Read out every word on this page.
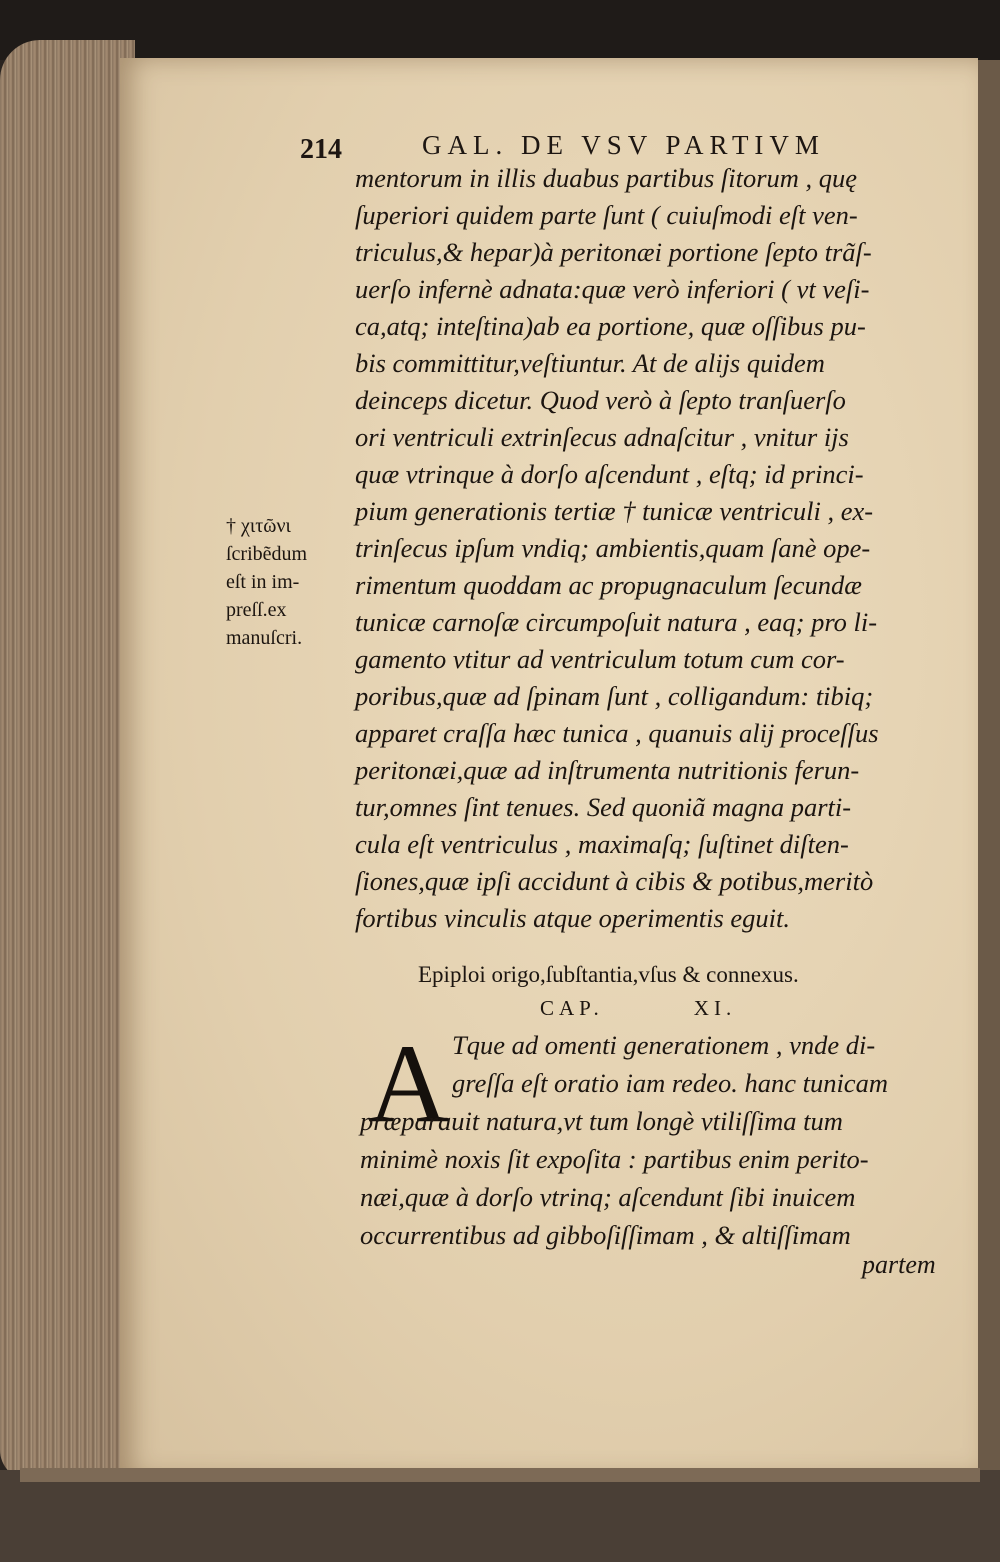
214	GAL. DE VSV PARTIVM
mentorum in illis duabus partibus ſitorum , quę
ſuperiori quidem parte ſunt ( cuiuſmodi eſt ven-
triculus,& hepar)à peritonæi portione ſepto trãſ-
uerſo infernè adnata:quæ verò inferiori ( vt veſi-
ca,atq; inteſtina)ab ea portione, quæ oſſibus pu-
bis committitur,veſtiuntur. At de alijs quidem
deinceps dicetur. Quod verò à ſepto tranſuerſo
ori ventriculi extrinſecus adnaſcitur , vnitur ijs
quæ vtrinque à dorſo aſcendunt , eſtq; id princi-
pium generationis tertiæ † tunicæ ventriculi , ex-
trinſecus ipſum vndiq; ambientis,quam ſanè ope-
rimentum quoddam ac propugnaculum ſecundæ
tunicæ carnoſæ circumpoſuit natura , eaq; pro li-
gamento vtitur ad ventriculum totum cum cor-
poribus,quæ ad ſpinam ſunt , colligandum: tibiq;
apparet craſſa hæc tunica , quanuis alij proceſſus
peritonæi,quæ ad inſtrumenta nutritionis ferun-
tur,omnes ſint tenues. Sed quoniã magna parti-
cula eſt ventriculus , maximaſq; ſuſtinet diſten-
ſiones,quæ ipſi accidunt à cibis & potibus,meritò
fortibus vinculis atque operimentis eguit.
† χιτῶνι
ſcribẽdum
eſt in im-
preſſ.ex
manuſcri.
Epiploi origo,ſubſtantia,vſus & connexus.
CAP.	XI.
A Tque ad omenti generationem , vnde di-
greſſa eſt oratio iam redeo. hanc tunicam
præparauit natura,vt tum longè vtiliſſima tum
minimè noxis ſit expoſita : partibus enim perito-
næi,quæ à dorſo vtrinq; aſcendunt ſibi inuicem
occurrentibus ad gibboſiſſimam , & altiſſimam
partem
